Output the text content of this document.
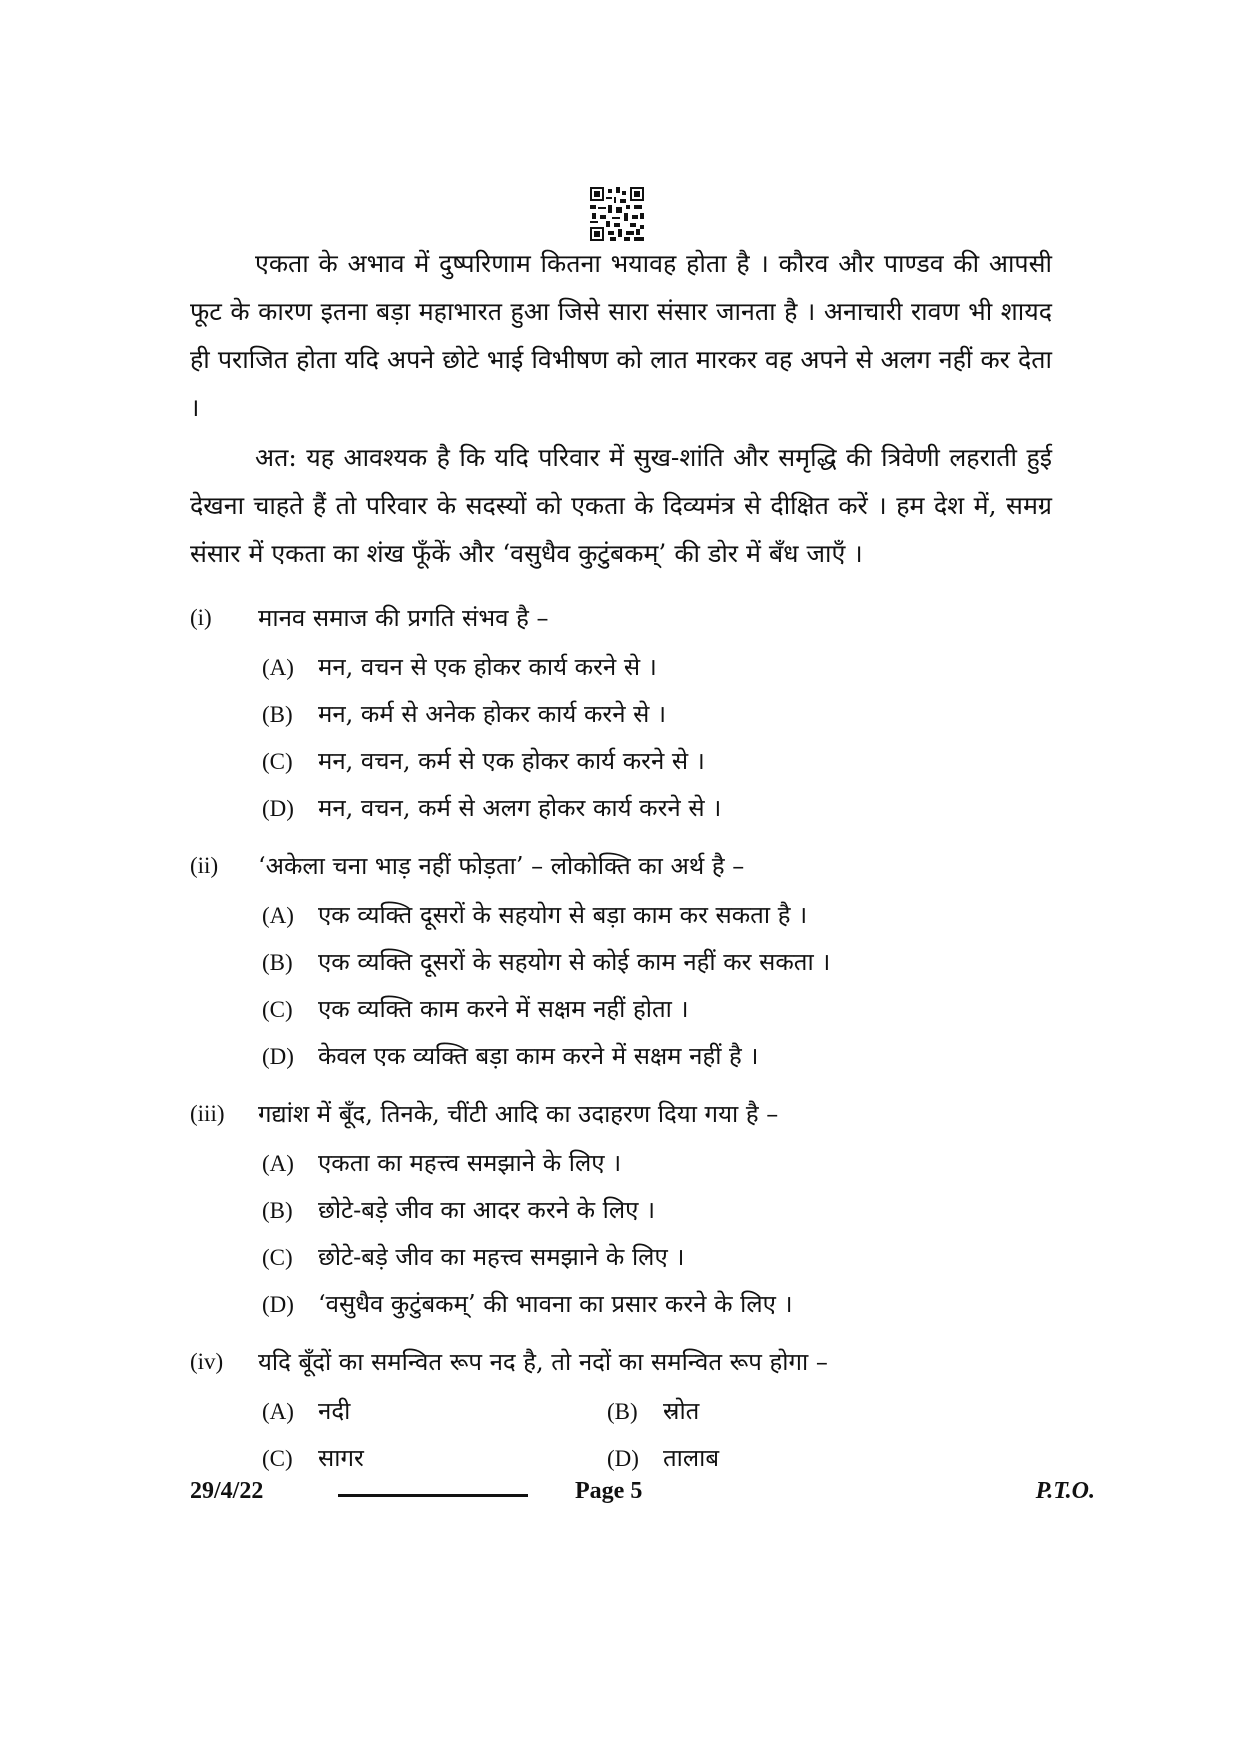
एकता के अभाव में दुष्परिणाम कितना भयावह होता है । कौरव और पाण्डव की आपसी फूट के कारण इतना बड़ा महाभारत हुआ जिसे सारा संसार जानता है । अनाचारी रावण भी शायद ही पराजित होता यदि अपने छोटे भाई विभीषण को लात मारकर वह अपने से अलग नहीं कर देता ।

अत: यह आवश्यक है कि यदि परिवार में सुख-शांति और समृद्धि की त्रिवेणी लहराती हुई देखना चाहते हैं तो परिवार के सदस्यों को एकता के दिव्यमंत्र से दीक्षित करें । हम देश में, समग्र संसार में एकता का शंख फूँकें और ‘वसुधैव कुटुंबकम्’ की डोर में बँध जाएँ ।

(i)	मानव समाज की प्रगति संभव है –
(A)	मन, वचन से एक होकर कार्य करने से ।
(B)	मन, कर्म से अनेक होकर कार्य करने से ।
(C)	मन, वचन, कर्म से एक होकर कार्य करने से ।
(D)	मन, वचन, कर्म से अलग होकर कार्य करने से ।
(ii)	‘अकेला चना भाड़ नहीं फोड़ता’ – लोकोक्ति का अर्थ है –
(A)	एक व्यक्ति दूसरों के सहयोग से बड़ा काम कर सकता है ।
(B)	एक व्यक्ति दूसरों के सहयोग से कोई काम नहीं कर सकता ।
(C)	एक व्यक्ति काम करने में सक्षम नहीं होता ।
(D)	केवल एक व्यक्ति बड़ा काम करने में सक्षम नहीं है ।
(iii)	गद्यांश में बूँद, तिनके, चींटी आदि का उदाहरण दिया गया है –
(A)	एकता का महत्त्व समझाने के लिए ।
(B)	छोटे-बड़े जीव का आदर करने के लिए ।
(C)	छोटे-बड़े जीव का महत्त्व समझाने के लिए ।
(D)	‘वसुधैव कुटुंबकम्’ की भावना का प्रसार करने के लिए ।
(iv)	यदि बूँदों का समन्वित रूप नद है, तो नदों का समन्वित रूप होगा –
(A)	नदी	(B)	स्रोत
(C)	सागर	(D)	तालाब
29/4/22	Page 5	P.T.O.
